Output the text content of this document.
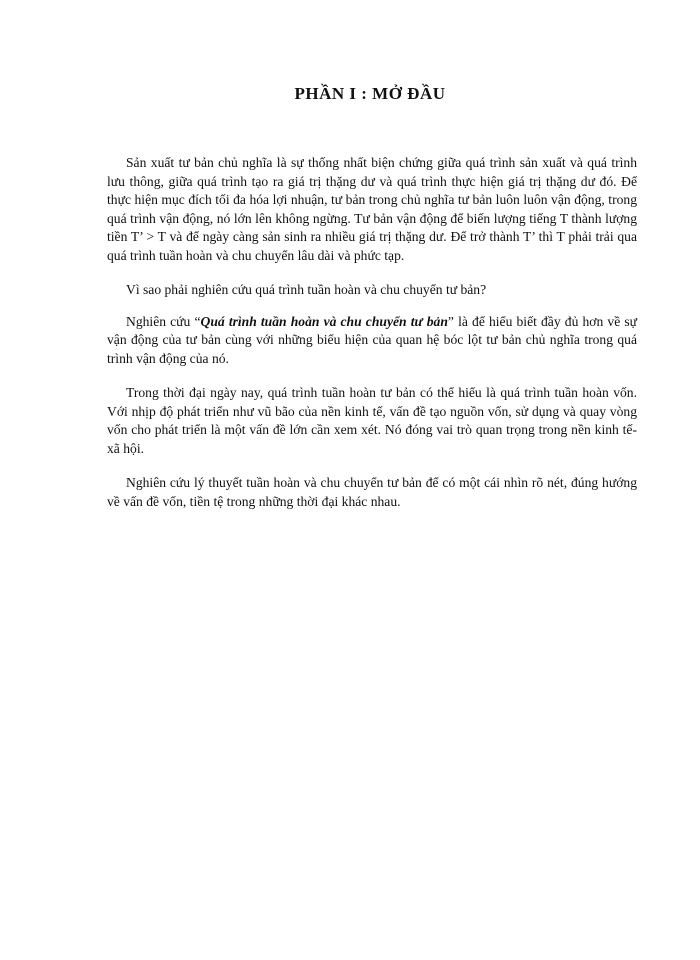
PHẦN I : MỞ ĐẦU

Sản xuất tư bản chủ nghĩa là sự thống nhất biện chứng giữa quá trình sản xuất và quá trình lưu thông, giữa quá trình tạo ra giá trị thặng dư và quá trình thực hiện giá trị thặng dư đó. Để thực hiện mục đích tối đa hóa lợi nhuận, tư bản trong chủ nghĩa tư bản luôn luôn vận động, trong quá trình vận động, nó lớn lên không ngừng. Tư bản vận động để biến lượng tiếng T thành lượng tiền T’ > T và để ngày càng sản sinh ra nhiều giá trị thặng dư. Để trở thành T’ thì T phải trải qua quá trình tuần hoàn và chu chuyển lâu dài và phức tạp.

Vì sao phải nghiên cứu quá trình tuần hoàn và chu chuyển tư bản?

Nghiên cứu “Quá trình tuần hoàn và chu chuyển tư bản” là để hiểu biết đầy đủ hơn về sự vận động của tư bản cùng với những biểu hiện của quan hệ bóc lột tư bản chủ nghĩa trong quá trình vận động của nó.

Trong thời đại ngày nay, quá trình tuần hoàn tư bản có thể hiểu là quá trình tuần hoàn vốn. Với nhịp độ phát triển như vũ bão của nền kinh tế, vấn đề tạo nguồn vốn, sử dụng và quay vòng vốn cho phát triển là một vấn đề lớn cần xem xét. Nó đóng vai trò quan trọng trong nền kinh tế-xã hội.

Nghiên cứu lý thuyết tuần hoàn và chu chuyển tư bản để có một cái nhìn rõ nét, đúng hướng về vấn đề vốn, tiền tệ trong những thời đại khác nhau.
